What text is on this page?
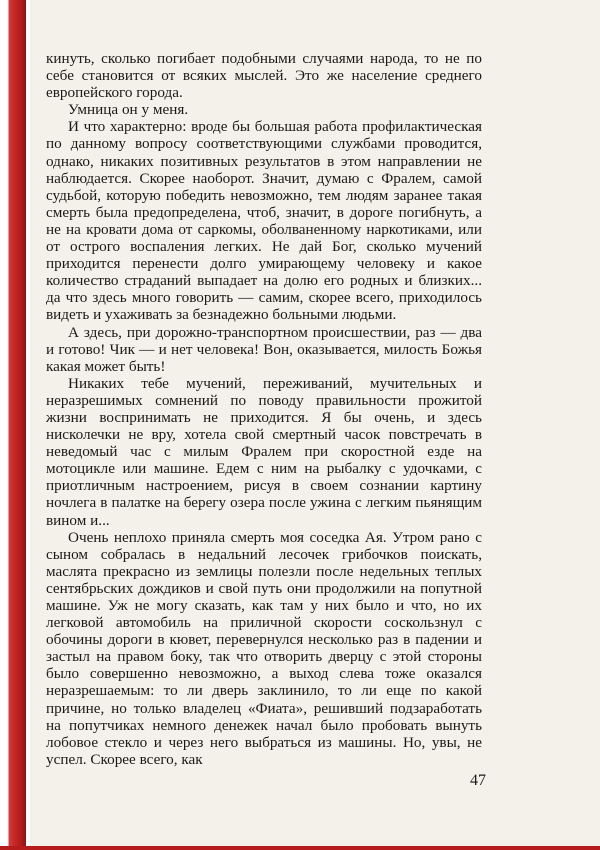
кинуть, сколько погибает подобными случаями народа, то не по себе становится от всяких мыслей. Это же население среднего европейского города.

Умница он у меня.

И что характерно: вроде бы большая работа профилактическая по данному вопросу соответствующими службами проводится, однако, никаких позитивных результатов в этом направлении не наблюдается. Скорее наоборот. Значит, думаю с Фралем, самой судьбой, которую победить невозможно, тем людям заранее такая смерть была предопределена, чтоб, значит, в дороге погибнуть, а не на кровати дома от саркомы, оболваненному наркотиками, или от острого воспаления легких. Не дай Бог, сколько мучений приходится перенести долго умирающему человеку и какое количество страданий выпадает на долю его родных и близких... да что здесь много говорить — самим, скорее всего, приходилось видеть и ухаживать за безнадежно больными людьми.

А здесь, при дорожно-транспортном происшествии, раз — два и готово! Чик — и нет человека! Вон, оказывается, милость Божья какая может быть!

Никаких тебе мучений, переживаний, мучительных и неразрешимых сомнений по поводу правильности прожитой жизни воспринимать не приходится. Я бы очень, и здесь нисколечки не вру, хотела свой смертный часок повстречать в неведомый час с милым Фралем при скоростной езде на мотоцикле или машине. Едем с ним на рыбалку с удочками, с приотличным настроением, рисуя в своем сознании картину ночлега в палатке на берегу озера после ужина с легким пьянящим вином и...

Очень неплохо приняла смерть моя соседка Ая. Утром рано с сыном собралась в недальний лесочек грибочков поискать, маслята прекрасно из землицы полезли после недельных теплых сентябрьских дождиков и свой путь они продолжили на попутной машине. Уж не могу сказать, как там у них было и что, но их легковой автомобиль на приличной скорости соскользнул с обочины дороги в кювет, перевернулся несколько раз в падении и застыл на правом боку, так что отворить дверцу с этой стороны было совершенно невозможно, а выход слева тоже оказался неразрешаемым: то ли дверь заклинило, то ли еще по какой причине, но только владелец «Фиата», решивший подзаработать на попутчиках немного денежек начал было пробовать вынуть лобовое стекло и через него выбраться из машины. Но, увы, не успел. Скорее всего, как

47
